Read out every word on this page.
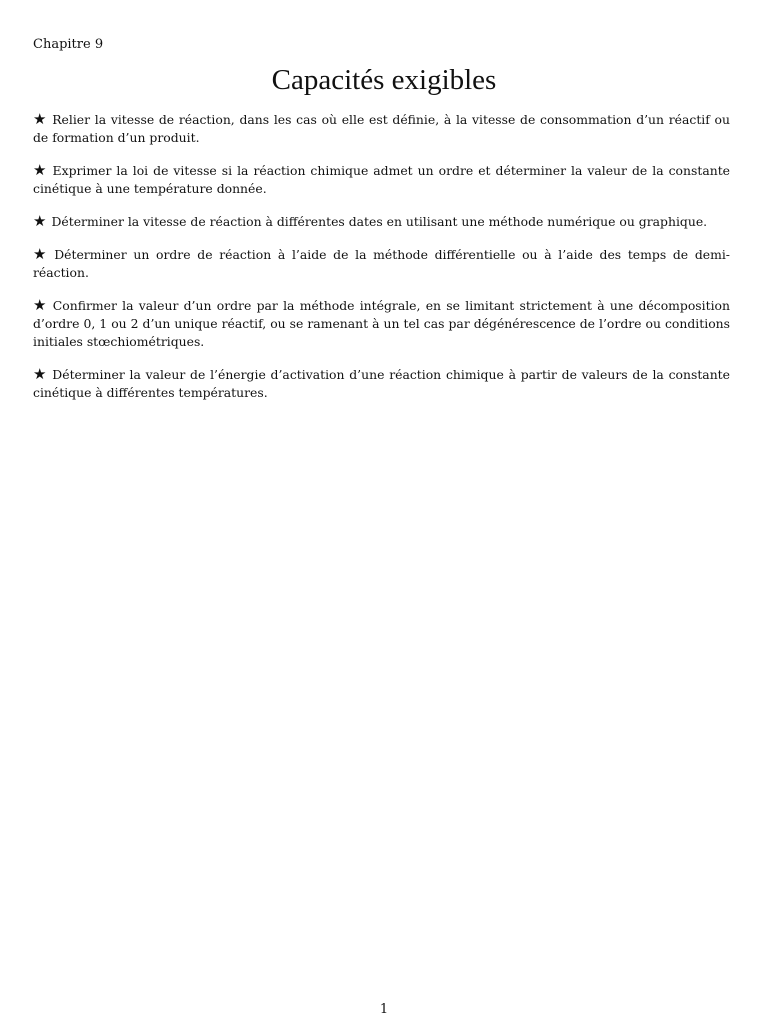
Chapitre 9
Capacités exigibles

★ Relier la vitesse de réaction, dans les cas où elle est définie, à la vitesse de consommation d’un réactif ou de formation d’un produit.

★ Exprimer la loi de vitesse si la réaction chimique admet un ordre et déterminer la valeur de la constante cinétique à une température donnée.

★ Déterminer la vitesse de réaction à différentes dates en utilisant une méthode numérique ou graphique.

★ Déterminer un ordre de réaction à l’aide de la méthode différentielle ou à l’aide des temps de demi-réaction.

★ Confirmer la valeur d’un ordre par la méthode intégrale, en se limitant strictement à une décomposition d’ordre 0, 1 ou 2 d’un unique réactif, ou se ramenant à un tel cas par dégénérescence de l’ordre ou conditions initiales stœchiométriques.

★ Déterminer la valeur de l’énergie d’activation d’une réaction chimique à partir de valeurs de la constante cinétique à différentes températures.

1
